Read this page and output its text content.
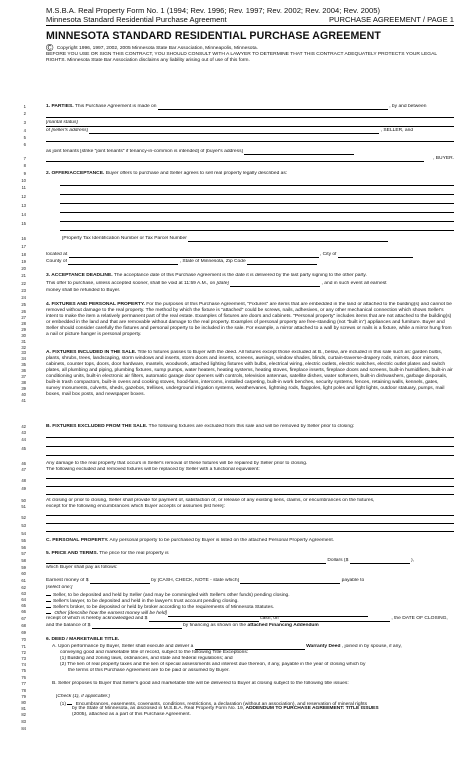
M.S.B.A. Real Property Form No. 1 (1994; Rev. 1996; Rev. 1997; Rev. 2002; Rev. 2004; Rev. 2005)
Minnesota Standard Residential Purchase Agreement	PURCHASE AGREEMENT / PAGE 1
MINNESOTA STANDARD RESIDENTIAL PURCHASE AGREEMENT
© Copyright 1996, 1997, 2002, 2005 Minnesota State Bar Association, Minneapolis, Minnesota.
BEFORE YOU USE OR SIGN THIS CONTRACT, YOU SHOULD CONSULT WITH A LAWYER TO DETERMINE THAT THIS CONTRACT ADEQUATELY PROTECTS YOUR LEGAL RIGHTS. Minnesota State Bar Association disclaims any liability arising out of use of this form.
1
2
3
4
5
6
7
8
9
10
11
12
13
14
15
16
17
18
19
20
21
22
23
24
25
26
27
28
29
30
31
32
33
34
35
36
37
38
39
40
41
42
43
44
45
46
47
48
49
50
51
52
53
54
55
56
57
58
59
60
61
62
63
64
65
66
67
68
69
70
71
72
73
74
75
76
77
78
79
80
81
82
83
84
1. PARTIES. This Purchase Agreement is made on	, by and between
[marital status]
of [seller's address]	, SELLER, and
as joint tenants [strike "joint tenants" if tenancy-in-common is intended] of [buyer's address]
, BUYER.
2. OFFER/ACCEPTANCE. Buyer offers to purchase and Seller agrees to sell real property legally described as:
[Property Tax Identification Number or Tax Parcel Number
located at	, City of
County of	, State of Minnesota, Zip Code
3. ACCEPTANCE DEADLINE. The acceptance date of this Purchase Agreement is the date it is delivered by the last party signing to the other party.
This offer to purchase, unless accepted sooner, shall be void at 11:59 A.M., on [date]	, and in such event all earnest
money shall be refunded to Buyer.
4. FIXTURES AND PERSONAL PROPERTY. For the purposes of this Purchase Agreement, "Fixtures" are items that are embedded in the land or attached to the building(s) and cannot be removed without damage to the real property. The method by which the fixture is "attached" could be screws, nails, adhesives, or any other mechanical connection which shows Seller's intent to make the item a relatively permanent part of the real estate. Examples of fixtures are doors and cabinets. "Personal property" includes items that are not attached to the building(s) or embedded in the land and that are removable without damage to the real property. Examples of personal property are free-standing (not "built in") appliances and furniture. Buyer and Seller should consider carefully the fixtures and personal property to be included in the sale. For example, a mirror attached to a wall by screws or nails is a fixture, while a mirror hung from a nail or picture hanger is personal property.
A. FIXTURES INCLUDED IN THE SALE. Title to fixtures passes to Buyer with the deed. All fixtures except those excluded at B., below, are included in this sale such as: garden bulbs, plants, shrubs, trees, landscaping, storm windows and inserts, storm doors and inserts, screens, awnings, window shades, blinds, curtain-traverse-drapery rods, mirrors, door mirrors, cabinets, counter tops, doors, door hardware, mantels, woodwork, attached lighting fixtures with bulbs, electrical wiring, electric outlets, electric switches, electric outlet plates and switch plates, all plumbing and piping, plumbing fixtures, sump pumps, water heaters, heating systems, heating stoves, fireplace inserts, fireplace doors and screens, built-in humidifiers, built-in air conditioning units, built-in electronic air filters, automatic garage door openers with controls, television antennas, satellite dishes, water softeners, built-in dishwashers, garbage disposals, built-in trash compactors, built-in ovens and cooking stoves, hood-fans, intercoms, installed carpeting, built-in work benches, security systems, fences, retaining walls, kennels, gates, survey monuments, culverts, sheds, gazebos, trellises, underground irrigation systems, weathervanes, lightning rods, flagpoles, light poles and light lights, outdoor statuary, pumps, mail boxes, mail box posts, and newspaper boxes.
B. FIXTURES EXCLUDED FROM THE SALE. The following fixtures are excluded from this sale and will be removed by Seller prior to closing:
Any damage to the real property that occurs in Seller's removal of these fixtures will be repaired by Seller prior to closing.
The following excluded and removed fixtures will be replaced by Seller with a functional equivalent:
At closing or prior to closing, Seller shall provide for payment of, satisfaction of, or release of any existing liens, claims, or encumbrances on the fixtures,
except for the following encumbrances which Buyer accepts or assumes [list here]:
C. PERSONAL PROPERTY. Any personal property to be purchased by Buyer is listed on the attached Personal Property Agreement.
5. PRICE AND TERMS. The price for the real property is
Dollars ($	),
which Buyer shall pay as follows:
Earnest money of $	by [CASH, CHECK, NOTE - state which]	payable to
[select one:]
Seller, to be deposited and held by Seller (and may be commingled with Seller's other funds) pending closing.
Seller's lawyer, to be deposited and held in the lawyer's trust account pending closing.
Seller's broker, to be deposited or held by broker according to the requirements of Minnesota Statutes.
Other [describe how the earnest money will be held]
receipt of which is hereby acknowledged and $	cash, on	, the DATE OF CLOSING,
and the balance of $	by financing as shown on the attached Financing Addendum
6. DEED / MARKETABLE TITLE.
A. Upon performance by Buyer, Seller shall execute and deliver a	Warranty Deed , joined in by spouse, if any,
conveying good and marketable title of record, subject to the following Title Exceptions:
(1) Building and zoning laws, ordinances, and state and federal regulations; and
(2) The lien of real property taxes and the lien of special assessments and interest due thereon, if any, payable in the year of closing which by
the terms of this Purchase Agreement are to be paid or assumed by Buyer.
B. Seller proposes to Buyer that Seller's good and marketable title will be delivered to Buyer at closing subject to the following title issues:
[Check (1), if applicable:]
(1) Encumbrances, easements, covenants, conditions, restrictions, a declaration (without an association), and reservation of mineral rights
by the State of Minnesota, as disclosed in M.S.B.A. Real Property Form No. 19, ADDENDUM TO PURCHASE AGREEMENT: TITLE ISSUES
(2005), attached as a part of this Purchase Agreement.
